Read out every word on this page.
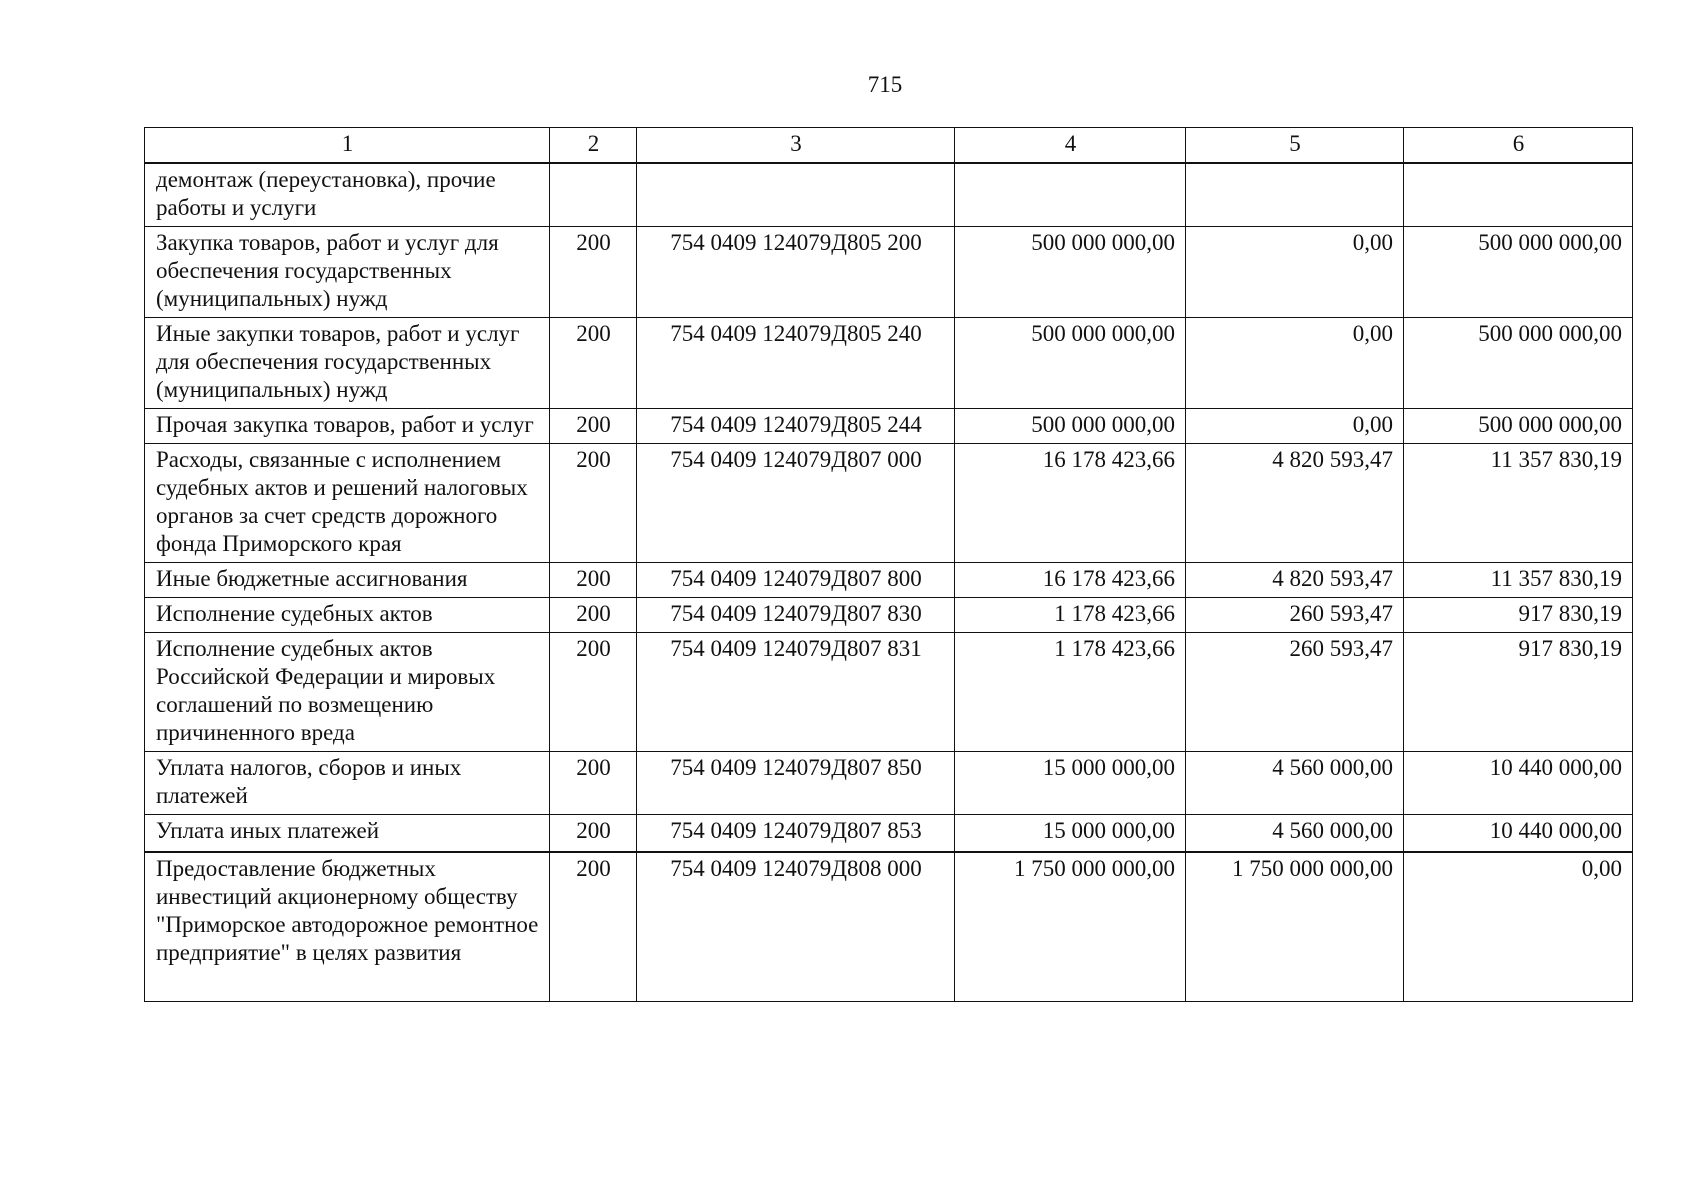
715
1	2	3	4	5	6
демонтаж (переустановка), прочие работы и услуги					
Закупка товаров, работ и услуг для обеспечения государственных (муниципальных) нужд	200	754 0409 124079Д805 200	500 000 000,00	0,00	500 000 000,00
Иные закупки товаров, работ и услуг для обеспечения государственных (муниципальных) нужд	200	754 0409 124079Д805 240	500 000 000,00	0,00	500 000 000,00
Прочая закупка товаров, работ и услуг	200	754 0409 124079Д805 244	500 000 000,00	0,00	500 000 000,00
Расходы, связанные с исполнением судебных актов и решений налоговых органов за счет средств дорожного фонда Приморского края	200	754 0409 124079Д807 000	16 178 423,66	4 820 593,47	11 357 830,19
Иные бюджетные ассигнования	200	754 0409 124079Д807 800	16 178 423,66	4 820 593,47	11 357 830,19
Исполнение судебных актов	200	754 0409 124079Д807 830	1 178 423,66	260 593,47	917 830,19
Исполнение судебных актов Российской Федерации и мировых соглашений по возмещению причиненного вреда	200	754 0409 124079Д807 831	1 178 423,66	260 593,47	917 830,19
Уплата налогов, сборов и иных платежей	200	754 0409 124079Д807 850	15 000 000,00	4 560 000,00	10 440 000,00
Уплата иных платежей	200	754 0409 124079Д807 853	15 000 000,00	4 560 000,00	10 440 000,00
Предоставление бюджетных инвестиций акционерному обществу "Приморское автодорожное ремонтное предприятие" в целях развития	200	754 0409 124079Д808 000	1 750 000 000,00	1 750 000 000,00	0,00
